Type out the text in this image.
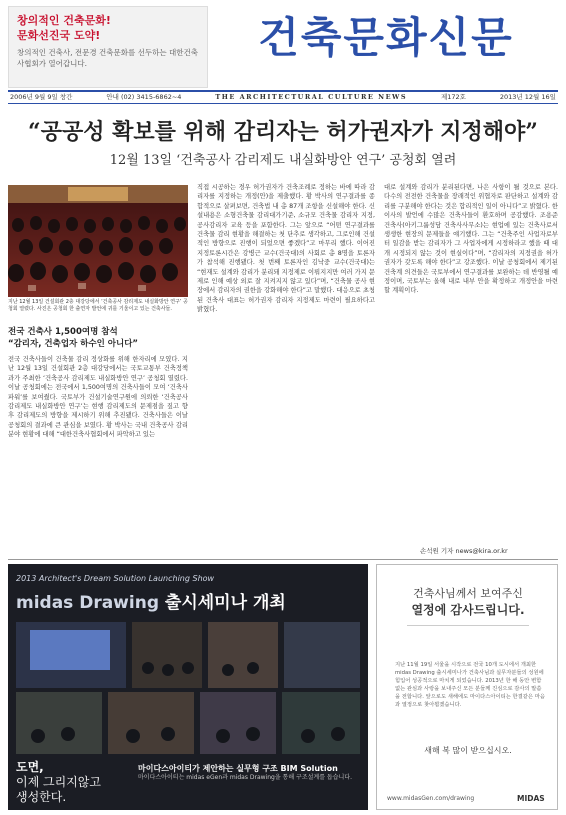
창의적인 건축문화!
문화선진국 도약!
창의적인 건축사, 전문경 건축문화를 선두하는 대한건축사협회가 열어갑니다.
건축문화신문
2006년 9월 9일 창간	안내 (02) 3415-6862~4	THE ARCHITECTURAL CULTURE NEWS	제172호	2013년 12월 16일
“공공성 확보를 위해 감리자는 허가권자가 지정해야”
12월 13일 ‘건축공사 감리제도 내실화방안 연구’ 공청회 열려
지난 12월 13일 건설회관 2층 대강당에서 ‘건축공사 감리제도 내실화방안 연구’ 공청회 열렸다. 사진은 공청회 한 출연자 발언에 귀를 기울이고 있는 건축사들.
전국 건축사 1,500여명 참석
“감리자, 건축업자 하수인 아니다”
전국 건축사들이 건축물 감리 정상화를 위해 한자리에 모였다. 지난 12월 13일 건설회관 2층 대강당에서는 국토교통부 건축정책과가 주최한 ‘건축공사 감리제도 내실화방안 연구’ 공청회 열렸다. 이날 공청회에는 전국에서 1,500여명의 건축사들이 모여 ‘건축사 파워’를 보여줬다. 국토부가 건설기술연구원에 의뢰한 ‘건축공사 감리제도 내실화방안 연구’는 현행 감리제도의 문제점을 짚고 향후 감리제도의 방향을 제시하기 위해 추진됐다. 건축사들은 이날 공청회의 결과에 큰 관심을 보였다. 황 박사는 국내 건축공사 감리분야 현황에 대해 “대한건축사협회에서 파악하고 있는
직접 시공하는 경우 허가권자가 건축조례로 정하는 바에 따라 감리자를 지정하는 개정(안)을 제출했다. 황 박사의 연구결과를 종합적으로 살펴보면, 건축법 내 총 87개 조항을 신설해야 한다. 신설내용은 소형건축물 감리대가기준, 소규모 건축물 감리자 지정, 공사감리자 교육 등을 포함한다. 그는 앞으로 “어떤 연구결과를 건축물 감리 현황을 해결하는 첫 단추로 생각하고, 그로인해 건설적인 방향으로 진행이 되었으면 좋겠다”고 마무리 했다. 이어진 지정토론시간은 강병근 교수(건국대)의 사회로 총 8명을 토론자가 참석해 진행됐다. 첫 번째 토론자인 김낙중 교수(건국대)는 “현재도 설계와 감리가 분리돼 지정제로 이뤄지지만 여러 가지 문제로 인해 예상 외로 잘 지켜지지 않고 있다”며, “건축물 공사 현장에서 감리자의 권한을 강화해야 한다”고 말했다. 대응으로 초청된 건축사 대표는 허가권자 감리자 지정제도 마련이 필요하다고 밝혔다.
대로 설계와 감리가 분리된다면, 나은 사항이 될 것으로 본다. 다수의 전전한 건축물을 장래적인 위협자로 판단하고 설계와 감리를 구분해야 한다는 것은 합리적인 일이 아니다”고 밝혔다. 한 이사의 발언에 수많은 건축사들이 환호하며 공감했다. 조용준 건축사(아키그룹성담 건축사사무소)는 현업에 있는 건축사로서 생생한 현장의 문제들을 얘기했다. 그는 “건축주인 사업자로부터 일감을 받는 감리자가 그 사업자에게 시정하라고 했을 때 대개 시정되지 않는 것이 현실이다”며, “감리자의 지정권을 허가권자가 갖도록 해야 한다”고 강조했다. 이날 공청회에서 제기된 건축계 의견들은 국토부에서 연구결과를 보완하는 데 반영될 예정이며, 국토부는 올해 내로 내부 안을 확정하고 개정안을 마련할 계획이다.
손석원 기자 news@kira.or.kr
2013 Architect's Dream Solution Launching Show
midas Drawing 출시세미나 개최
도면,
이제 그리지않고
생성한다.
마이다스아이티가 제안하는 실무형 구조 BIM Solution
마이다스아이티는 midas eGen과 midas Drawing을 통해 구조설계를 돕습니다.
건축사님께서 보여주신
열정에 감사드립니다.
지난 11월 19일 서울을 시작으로 전국 10개 도시에서 개최한 midas Drawing 출시세미나가 건축사님과 실무자분들의 성원에 힘입어 성공적으로 마치게 되었습니다. 2013년 한 해 동안 변함없는 관심과 사랑을 보내주신 모든 분들께 진심으로 감사의 말씀을 전합니다. 앞으로도 새해에도 마이다스아이티는 한결같은 마음과 열정으로 찾아뵙겠습니다.
새해 복 많이 받으십시오.
www.midasGen.com/drawing	MIDAS
